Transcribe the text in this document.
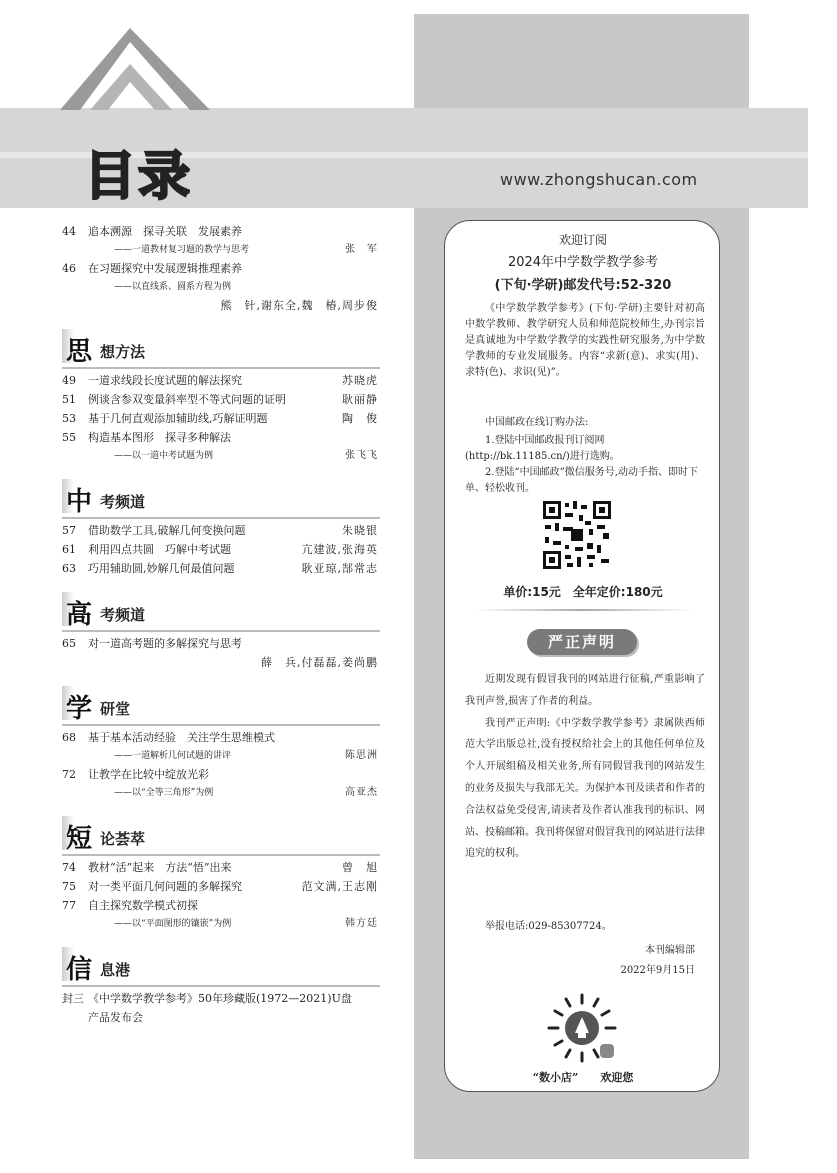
目录	www.zhongshucan.com
44	追本溯源　探寻关联　发展素养
——一道教材复习题的教学与思考	张　军
46	在习题探究中发展逻辑推理素养
——以直线系、圆系方程为例
熊　针,谢东全,魏　椿,周步俊
思 想方法
49	一道求线段长度试题的解法探究	苏晓虎
51	例谈含参双变量斜率型不等式问题的证明	耿丽静
53	基于几何直观添加辅助线,巧解证明题	陶　俊
55	构造基本图形　探寻多种解法
——以一道中考试题为例	张飞飞
中 考频道
57	借助数学工具,破解几何变换问题	朱晓银
61	利用四点共圆　巧解中考试题	亢建波,张海英
63	巧用辅助圆,妙解几何最值问题	耿亚琼,郜常志
高 考频道
65	对一道高考题的多解探究与思考
薛　兵,付磊磊,姜尚鹏
学 研堂
68	基于基本活动经验　关注学生思维模式
——一道解析几何试题的讲评	陈思洲
72	让教学在比较中绽放光彩
——以“全等三角形”为例	高亚杰
短 论荟萃
74	教材“活”起来　方法“悟”出来	曾　旭
75	对一类平面几何问题的多解探究	范文满,王志刚
77	自主探究数学模式初探
——以“平面图形的镶嵌”为例	韩方廷
信 息港
封三 《中学数学教学参考》50年珍藏版(1972—2021)U盘
产品发布会
欢迎订阅
2024年中学数学教学参考
(下旬·学研)邮发代号:52-320
《中学数学教学参考》(下旬·学研)主要针对初高中数学教师、教学研究人员和师范院校师生,办刊宗旨是真诚地为中学数学教学的实践性研究服务,为中学数学教师的专业发展服务。内容“求新(意)、求实(用)、求特(色)、求识(见)”。
中国邮政在线订购办法:
1.登陆中国邮政报刊订阅网(http://bk.11185.cn/)进行选购。
2.登陆“中国邮政”微信服务号,动动手指、即时下单、轻松收刊。
单价:15元　全年定价:180元
严正声明
近期发现有假冒我刊的网站进行征稿,严重影响了我刊声誉,损害了作者的利益。
我刊严正声明:《中学数学教学参考》隶属陕西师范大学出版总社,没有授权给社会上的其他任何单位及个人开展组稿及相关业务,所有同假冒我刊的网站发生的业务及损失与我部无关。为保护本刊及读者和作者的合法权益免受侵害,请读者及作者认准我刊的标识、网站、投稿邮箱。我刊将保留对假冒我刊的网站进行法律追究的权利。
举报电话:029-85307724。
本刊编辑部
2022年9月15日
“数小店”　　欢迎您
